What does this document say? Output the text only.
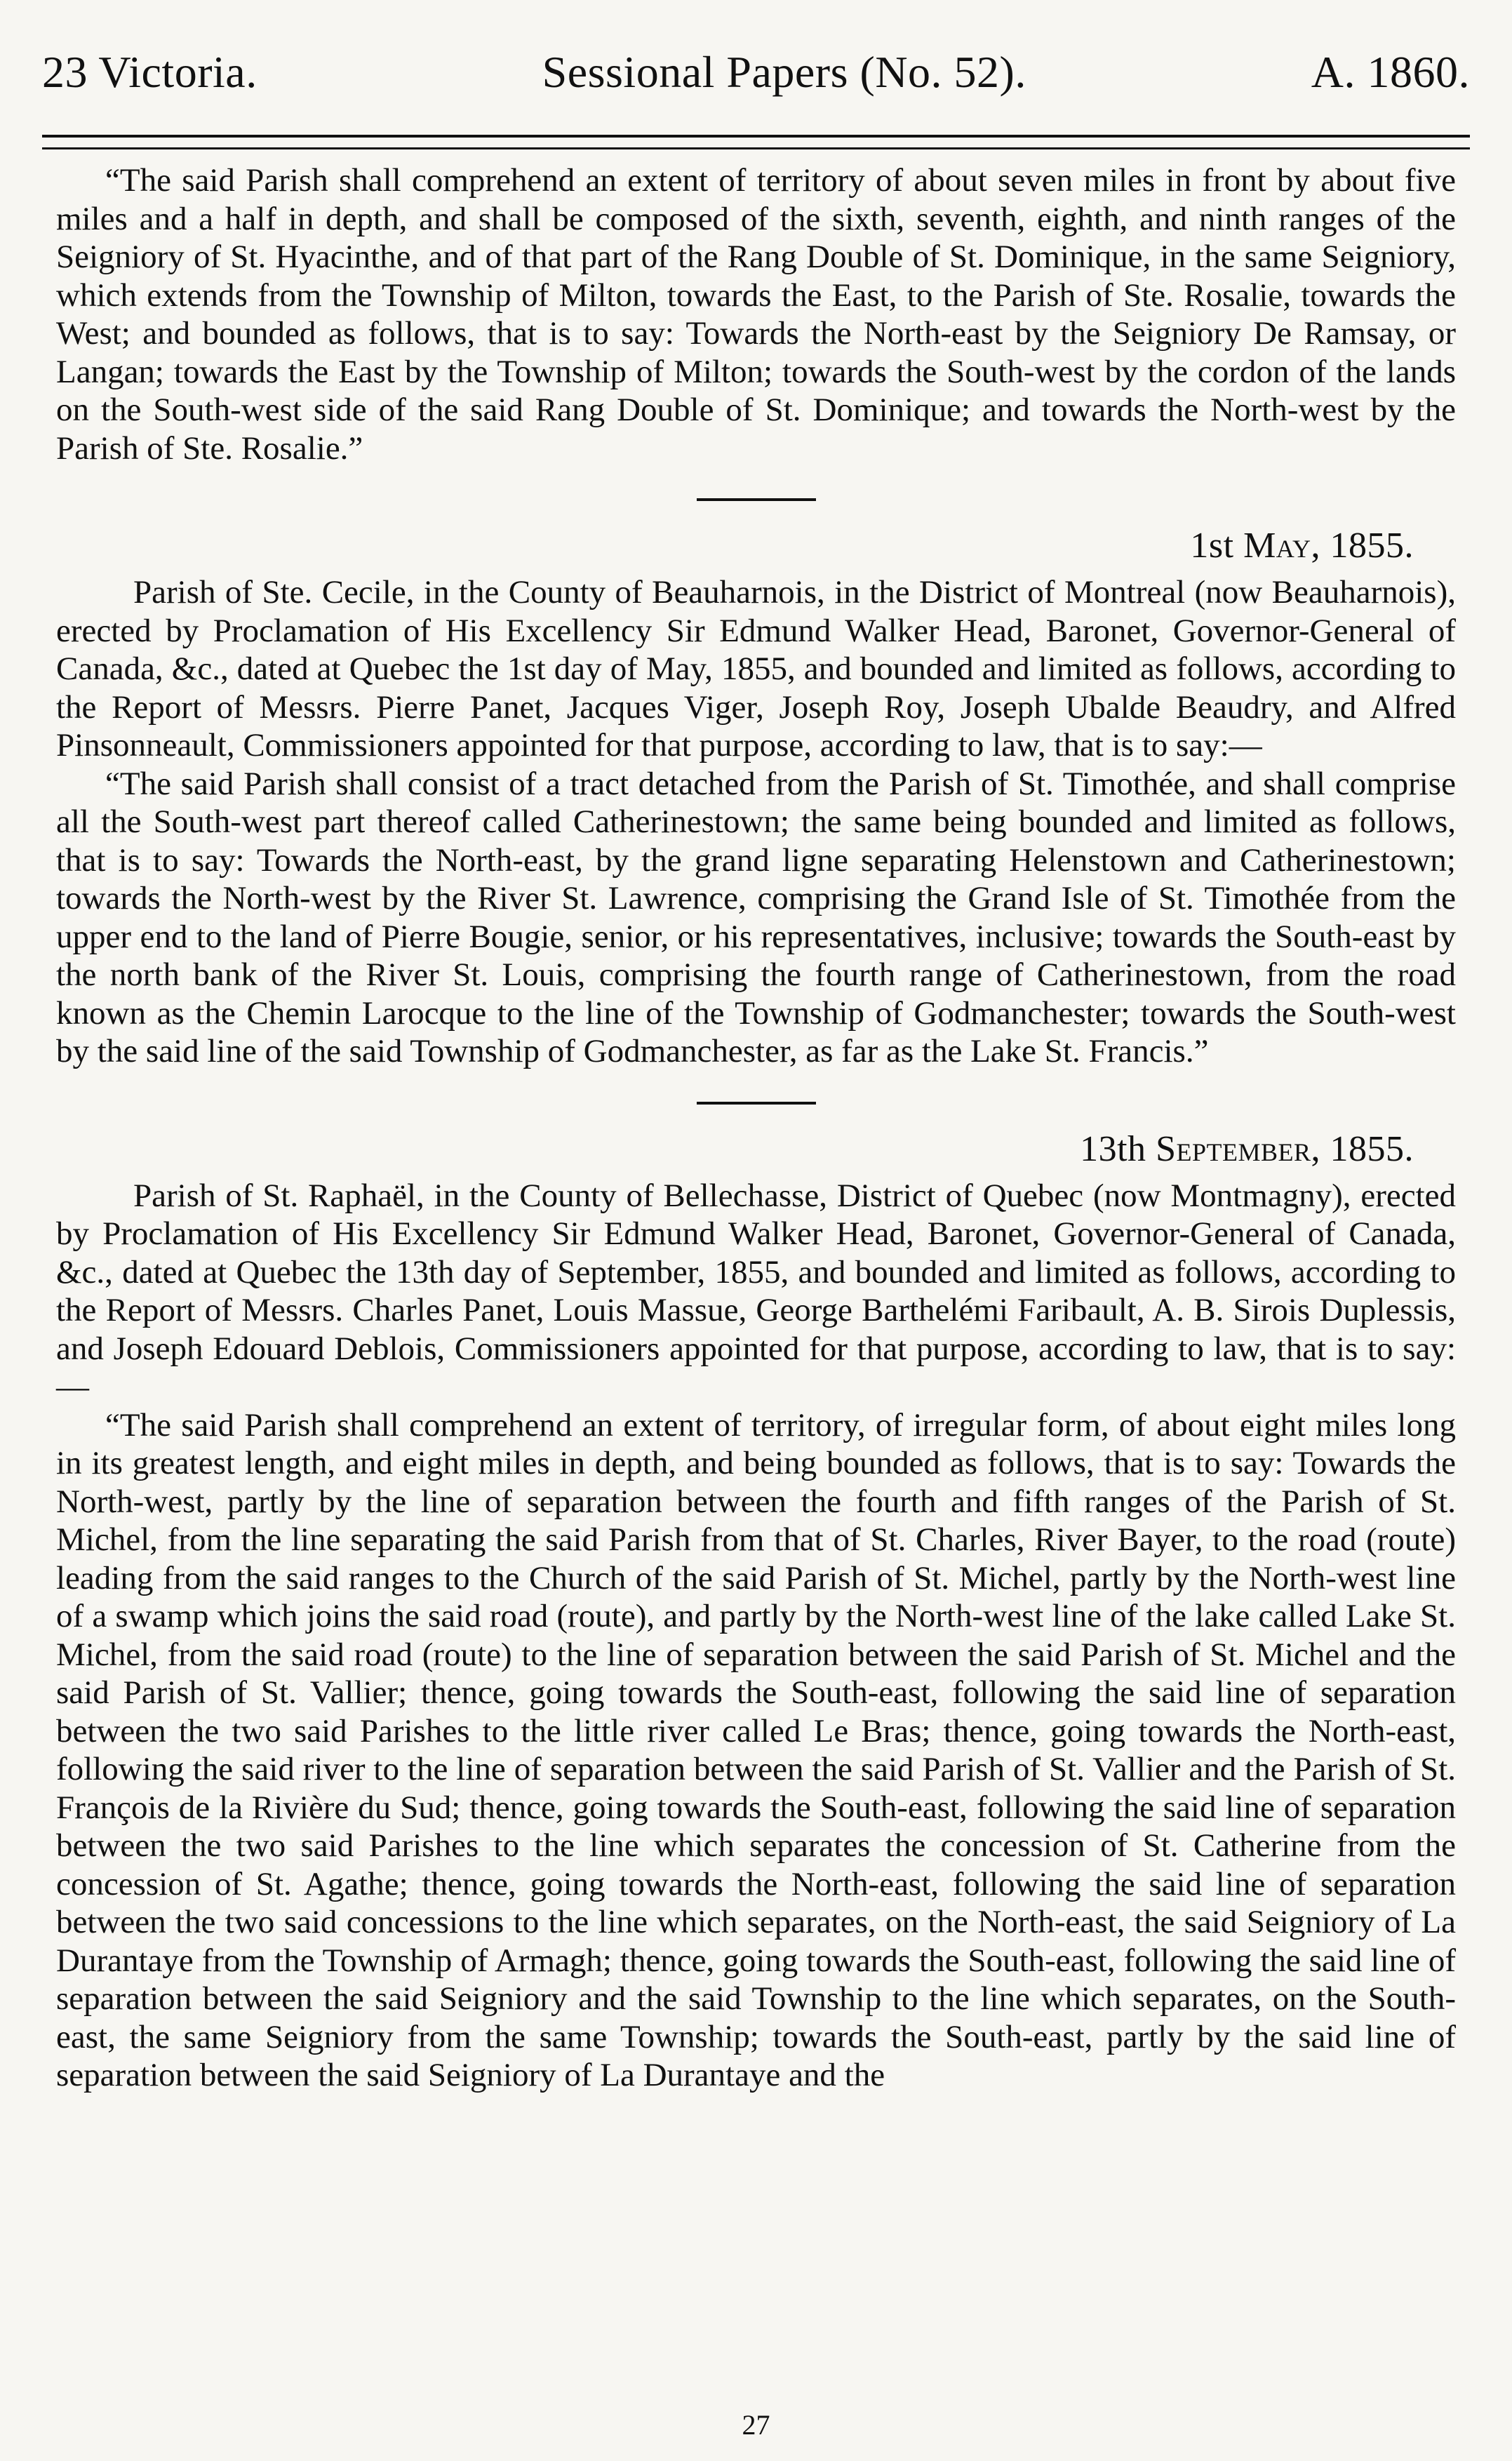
23 Victoria.	Sessional Papers (No. 52).	A. 1860.

“The said Parish shall comprehend an extent of territory of about seven miles in front by about five miles and a half in depth, and shall be composed of the sixth, seventh, eighth, and ninth ranges of the Seigniory of St. Hyacinthe, and of that part of the Rang Double of St. Dominique, in the same Seigniory, which extends from the Township of Milton, towards the East, to the Parish of Ste. Rosalie, towards the West; and bounded as follows, that is to say: Towards the North-east by the Seigniory De Ramsay, or Langan; towards the East by the Township of Milton; towards the South-west by the cordon of the lands on the South-west side of the said Rang Double of St. Dominique; and towards the North-west by the Parish of Ste. Rosalie.”

1st May, 1855.

Parish of Ste. Cecile, in the County of Beauharnois, in the District of Montreal (now Beauharnois), erected by Proclamation of His Excellency Sir Edmund Walker Head, Baronet, Governor-General of Canada, &c., dated at Quebec the 1st day of May, 1855, and bounded and limited as follows, according to the Report of Messrs. Pierre Panet, Jacques Viger, Joseph Roy, Joseph Ubalde Beaudry, and Alfred Pinsonneault, Commissioners appointed for that purpose, according to law, that is to say:—

“The said Parish shall consist of a tract detached from the Parish of St. Timothée, and shall comprise all the South-west part thereof called Catherinestown; the same being bounded and limited as follows, that is to say: Towards the North-east, by the grand ligne separating Helenstown and Catherinestown; towards the North-west by the River St. Lawrence, comprising the Grand Isle of St. Timothée from the upper end to the land of Pierre Bougie, senior, or his representatives, inclusive; towards the South-east by the north bank of the River St. Louis, comprising the fourth range of Catherinestown, from the road known as the Chemin Larocque to the line of the Township of Godmanchester; towards the South-west by the said line of the said Township of Godmanchester, as far as the Lake St. Francis.”

13th September, 1855.

Parish of St. Raphaël, in the County of Bellechasse, District of Quebec (now Montmagny), erected by Proclamation of His Excellency Sir Edmund Walker Head, Baronet, Governor-General of Canada, &c., dated at Quebec the 13th day of September, 1855, and bounded and limited as follows, according to the Report of Messrs. Charles Panet, Louis Massue, George Barthelémi Faribault, A. B. Sirois Duplessis, and Joseph Edouard Deblois, Commissioners appointed for that purpose, according to law, that is to say:—

“The said Parish shall comprehend an extent of territory, of irregular form, of about eight miles long in its greatest length, and eight miles in depth, and being bounded as follows, that is to say: Towards the North-west, partly by the line of separation between the fourth and fifth ranges of the Parish of St. Michel, from the line separating the said Parish from that of St. Charles, River Bayer, to the road (route) leading from the said ranges to the Church of the said Parish of St. Michel, partly by the North-west line of a swamp which joins the said road (route), and partly by the North-west line of the lake called Lake St. Michel, from the said road (route) to the line of separation between the said Parish of St. Michel and the said Parish of St. Vallier; thence, going towards the South-east, following the said line of separation between the two said Parishes to the little river called Le Bras; thence, going towards the North-east, following the said river to the line of separation between the said Parish of St. Vallier and the Parish of St. François de la Rivière du Sud; thence, going towards the South-east, following the said line of separation between the two said Parishes to the line which separates the concession of St. Catherine from the concession of St. Agathe; thence, going towards the North-east, following the said line of separation between the two said concessions to the line which separates, on the North-east, the said Seigniory of La Durantaye from the Township of Armagh; thence, going towards the South-east, following the said line of separation between the said Seigniory and the said Township to the line which separates, on the South-east, the same Seigniory from the same Township; towards the South-east, partly by the said line of separation between the said Seigniory of La Durantaye and the

27
